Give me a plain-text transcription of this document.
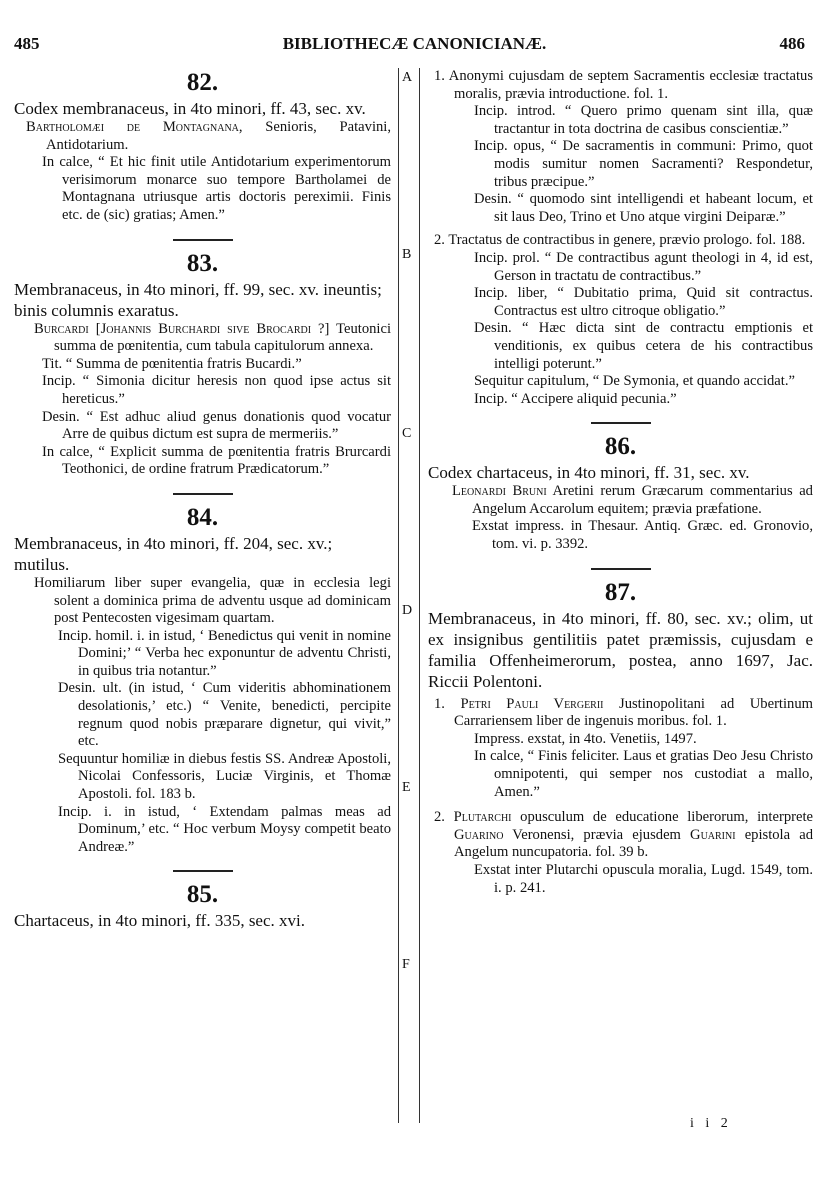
485	BIBLIOTHECÆ CANONICIANÆ.	486
A
B
C
D
E
F
82.
Codex membranaceus, in 4to minori, ff. 43, sec. xv.
Bartholomæi de Montagnana, Senioris, Patavini, Antidotarium.
In calce, “ Et hic finit utile Antidotarium experimentorum verisimorum monarce suo tempore Bartholamei de Montagnana utriusque artis doctoris pereximii. Finis etc. de (sic) gratias; Amen.”
83.
Membranaceus, in 4to minori, ff. 99, sec. xv. ineuntis; binis columnis exaratus.
Burcardi [Johannis Burchardi sive Brocardi ?] Teutonici summa de pœnitentia, cum tabula capitulorum annexa.
Tit. “ Summa de pœnitentia fratris Bucardi.”
Incip. “ Simonia dicitur heresis non quod ipse actus sit hereticus.”
Desin. “ Est adhuc aliud genus donationis quod vocatur Arre de quibus dictum est supra de mermeriis.”
In calce, “ Explicit summa de pœnitentia fratris Brurcardi Teothonici, de ordine fratrum Prædicatorum.”
84.
Membranaceus, in 4to minori, ff. 204, sec. xv.; mutilus.
Homiliarum liber super evangelia, quæ in ecclesia legi solent a dominica prima de adventu usque ad dominicam post Pentecosten vigesimam quartam.
Incip. homil. i. in istud, ‘ Benedictus qui venit in nomine Domini;’ “ Verba hec exponuntur de adventu Christi, in quibus tria notantur.”
Desin. ult. (in istud, ‘ Cum videritis abhominationem desolationis,’ etc.) “ Venite, benedicti, percipite regnum quod nobis præparare dignetur, qui vivit,” etc.
Sequuntur homiliæ in diebus festis SS. Andreæ Apostoli, Nicolai Confessoris, Luciæ Virginis, et Thomæ Apostoli. fol. 183 b.
Incip. i. in istud, ‘ Extendam palmas meas ad Dominum,’ etc. “ Hoc verbum Moysy competit beato Andreæ.”
85.
Chartaceus, in 4to minori, ff. 335, sec. xvi.
1. Anonymi cujusdam de septem Sacramentis ecclesiæ tractatus moralis, prævia introductione. fol. 1.
Incip. introd. “ Quero primo quenam sint illa, quæ tractantur in tota doctrina de casibus conscientiæ.”
Incip. opus, “ De sacramentis in communi: Primo, quot modis sumitur nomen Sacramenti? Respondetur, tribus præcipue.”
Desin. “ quomodo sint intelligendi et habeant locum, et sit laus Deo, Trino et Uno atque virgini Deiparæ.”
2. Tractatus de contractibus in genere, prævio prologo. fol. 188.
Incip. prol. “ De contractibus agunt theologi in 4, id est, Gerson in tractatu de contractibus.”
Incip. liber, “ Dubitatio prima, Quid sit contractus. Contractus est ultro citroque obligatio.”
Desin. “ Hæc dicta sint de contractu emptionis et venditionis, ex quibus cetera de his contractibus intelligi poterunt.”
Sequitur capitulum, “ De Symonia, et quando accidat.”
Incip. “ Accipere aliquid pecunia.”
86.
Codex chartaceus, in 4to minori, ff. 31, sec. xv.
Leonardi Bruni Aretini rerum Græcarum commentarius ad Angelum Accarolum equitem; prævia præfatione.
Exstat impress. in Thesaur. Antiq. Græc. ed. Gronovio, tom. vi. p. 3392.
87.
Membranaceus, in 4to minori, ff. 80, sec. xv.; olim, ut ex insignibus gentilitiis patet præmissis, cujusdam e familia Offenheimerorum, postea, anno 1697, Jac. Riccii Polentoni.
1. Petri Pauli Vergerii Justinopolitani ad Ubertinum Carrariensem liber de ingenuis moribus. fol. 1.
Impress. exstat, in 4to. Venetiis, 1497.
In calce, “ Finis feliciter. Laus et gratias Deo Jesu Christo omnipotenti, qui semper nos custodiat a mallo, Amen.”
2. Plutarchi opusculum de educatione liberorum, interprete Guarino Veronensi, prævia ejusdem Guarini epistola ad Angelum nuncupatoria. fol. 39 b.
Exstat inter Plutarchi opuscula moralia, Lugd. 1549, tom. i. p. 241.
i i 2
